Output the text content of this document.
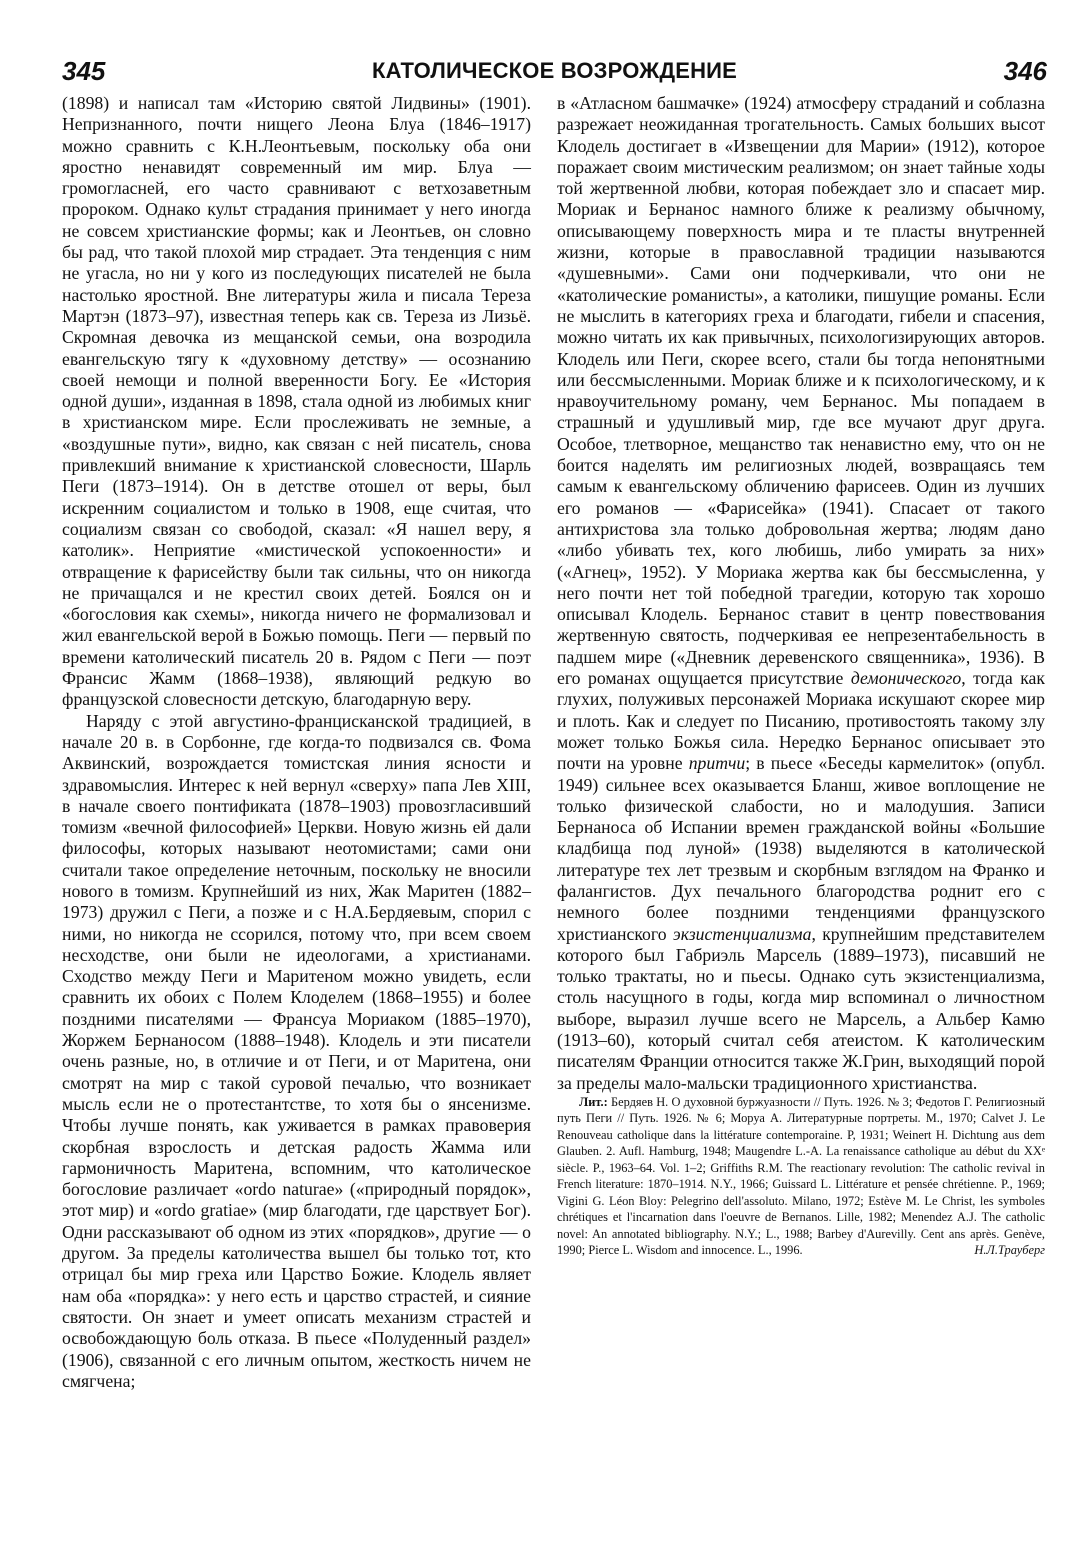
345	КАТОЛИЧЕСКОЕ ВОЗРОЖДЕНИЕ	346

(1898) и написал там «Историю святой Лидвины» (1901). Непризнанного, почти нищего Леона Блуа (1846–1917) можно сравнить с К.Н.Леонтьевым, поскольку оба они яростно ненавидят современный им мир. Блуа — громогласней, его часто сравнивают с ветхозаветным пророком. Однако культ страдания принимает у него иногда не совсем христианские формы; как и Леонтьев, он словно бы рад, что такой плохой мир страдает. Эта тенденция с ним не угасла, но ни у кого из последующих писателей не была настолько яростной. Вне литературы жила и писала Тереза Мартэн (1873–97), известная теперь как св. Тереза из Лизьё. Скромная девочка из мещанской семьи, она возродила евангельскую тягу к «духовному детству» — осознанию своей немощи и полной вверенности Богу. Ее «История одной души», изданная в 1898, стала одной из любимых книг в христианском мире. Если прослеживать не земные, а «воздушные пути», видно, как связан с ней писатель, снова привлекший внимание к христианской словесности, Шарль Пеги (1873–1914). Он в детстве отошел от веры, был искренним социалистом и только в 1908, еще считая, что социализм связан со свободой, сказал: «Я нашел веру, я католик». Неприятие «мистической успокоенности» и отвращение к фарисейству были так сильны, что он никогда не причащался и не крестил своих детей. Боялся он и «богословия как схемы», никогда ничего не формализовал и жил евангельской верой в Божью помощь. Пеги — первый по времени католический писатель 20 в. Рядом с Пеги — поэт Франсис Жамм (1868–1938), являющий редкую во французской словесности детскую, благодарную веру.

Наряду с этой августино-францисканской традицией, в начале 20 в. в Сорбонне, где когда-то подвизался св. Фома Аквинский, возрождается томистская линия ясности и здравомыслия. Интерес к ней вернул «сверху» папа Лев XIII, в начале своего понтификата (1878–1903) провозгласивший томизм «вечной философией» Церкви. Новую жизнь ей дали философы, которых называют неотомистами; сами они считали такое определение неточным, поскольку не вносили нового в томизм. Крупнейший из них, Жак Маритен (1882–1973) дружил с Пеги, а позже и с Н.А.Бердяевым, спорил с ними, но никогда не ссорился, потому что, при всем своем несходстве, они были не идеологами, а христианами. Сходство между Пеги и Маритеном можно увидеть, если сравнить их обоих с Полем Клоделем (1868–1955) и более поздними писателями — Франсуа Мориаком (1885–1970), Жоржем Бернаносом (1888–1948). Клодель и эти писатели очень разные, но, в отличие и от Пеги, и от Маритена, они смотрят на мир с такой суровой печалью, что возникает мысль если не о протестантстве, то хотя бы о янсенизме. Чтобы лучше понять, как уживается в рамках правоверия скорбная взрослость и детская радость Жамма или гармоничность Маритена, вспомним, что католическое богословие различает «ordo naturae» («природный порядок», этот мир) и «ordo gratiae» (мир благодати, где царствует Бог). Одни рассказывают об одном из этих «порядков», другие — о другом. За пределы католичества вышел бы только тот, кто отрицал бы мир греха или Царство Божие. Клодель являет нам оба «порядка»: у него есть и царство страстей, и сияние святости. Он знает и умеет описать механизм страстей и освобождающую боль отказа. В пьесе «Полуденный раздел» (1906), связанной с его личным опытом, жесткость ничем не смягчена;

в «Атласном башмачке» (1924) атмосферу страданий и соблазна разрежает неожиданная трогательность. Самых больших высот Клодель достигает в «Извещении для Марии» (1912), которое поражает своим мистическим реализмом; он знает тайные ходы той жертвенной любви, которая побеждает зло и спасает мир. Мориак и Бернанос намного ближе к реализму обычному, описывающему поверхность мира и те пласты внутренней жизни, которые в православной традиции называются «душевными». Сами они подчеркивали, что они не «католические романисты», а католики, пишущие романы. Если не мыслить в категориях греха и благодати, гибели и спасения, можно читать их как привычных, психологизирующих авторов. Клодель или Пеги, скорее всего, стали бы тогда непонятными или бессмысленными. Мориак ближе и к психологическому, и к нравоучительному роману, чем Бернанос. Мы попадаем в страшный и удушливый мир, где все мучают друг друга. Особое, тлетворное, мещанство так ненавистно ему, что он не боится наделять им религиозных людей, возвращаясь тем самым к евангельскому обличению фарисеев. Один из лучших его романов — «Фарисейка» (1941). Спасает от такого антихристова зла только добровольная жертва; людям дано «либо убивать тех, кого любишь, либо умирать за них» («Агнец», 1952). У Мориака жертва как бы бессмысленна, у него почти нет той победной трагедии, которую так хорошо описывал Клодель. Бернанос ставит в центр повествования жертвенную святость, подчеркивая ее непрезентабельность в падшем мире («Дневник деревенского священника», 1936). В его романах ощущается присутствие демонического, тогда как глухих, полуживых персонажей Мориака искушают скорее мир и плоть. Как и следует по Писанию, противостоять такому злу может только Божья сила. Нередко Бернанос описывает это почти на уровне притчи; в пьесе «Беседы кармелиток» (опубл. 1949) сильнее всех оказывается Бланш, живое воплощение не только физической слабости, но и малодушия. Записи Бернаноса об Испании времен гражданской войны «Большие кладбища под луной» (1938) выделяются в католической литературе тех лет трезвым и скорбным взглядом на Франко и фалангистов. Дух печального благородства роднит его с немного более поздними тенденциями французского христианского экзистенциализма, крупнейшим представителем которого был Габриэль Марсель (1889–1973), писавший не только трактаты, но и пьесы. Однако суть экзистенциализма, столь насущного в годы, когда мир вспоминал о личностном выборе, выразил лучше всего не Марсель, а Альбер Камю (1913–60), который считал себя атеистом. К католическим писателям Франции относится также Ж.Грин, выходящий порой за пределы мало-мальски традиционного христианства.

Лит.: Бердяев Н. О духовной буржуазности // Путь. 1926. № 3; Федотов Г. Религиозный путь Пеги // Путь. 1926. № 6; Моруа А. Литературные портреты. М., 1970; Calvet J. Le Renouveau catholique dans la littérature contemporaine. P, 1931; Weinert H. Dichtung aus dem Glauben. 2. Aufl. Hamburg, 1948; Maugendre L.-A. La renaissance catholique au début du XXᵉ siècle. P., 1963–64. Vol. 1–2; Griffiths R.M. The reactionary revolution: The catholic revival in French literature: 1870–1914. N.Y., 1966; Guissard L. Littérature et pensée chrétienne. P., 1969; Vigini G. Léon Bloy: Pelegrino dell'assoluto. Milano, 1972; Estève M. Le Christ, les symboles chrétiques et l'incarnation dans l'oeuvre de Bernanos. Lille, 1982; Menendez A.J. The catholic novel: An annotated bibliography. N.Y.; L., 1988; Barbey d'Aurevilly. Cent ans après. Genève, 1990; Pierce L. Wisdom and innocence. L., 1996.	Н.Л.Трауберг
